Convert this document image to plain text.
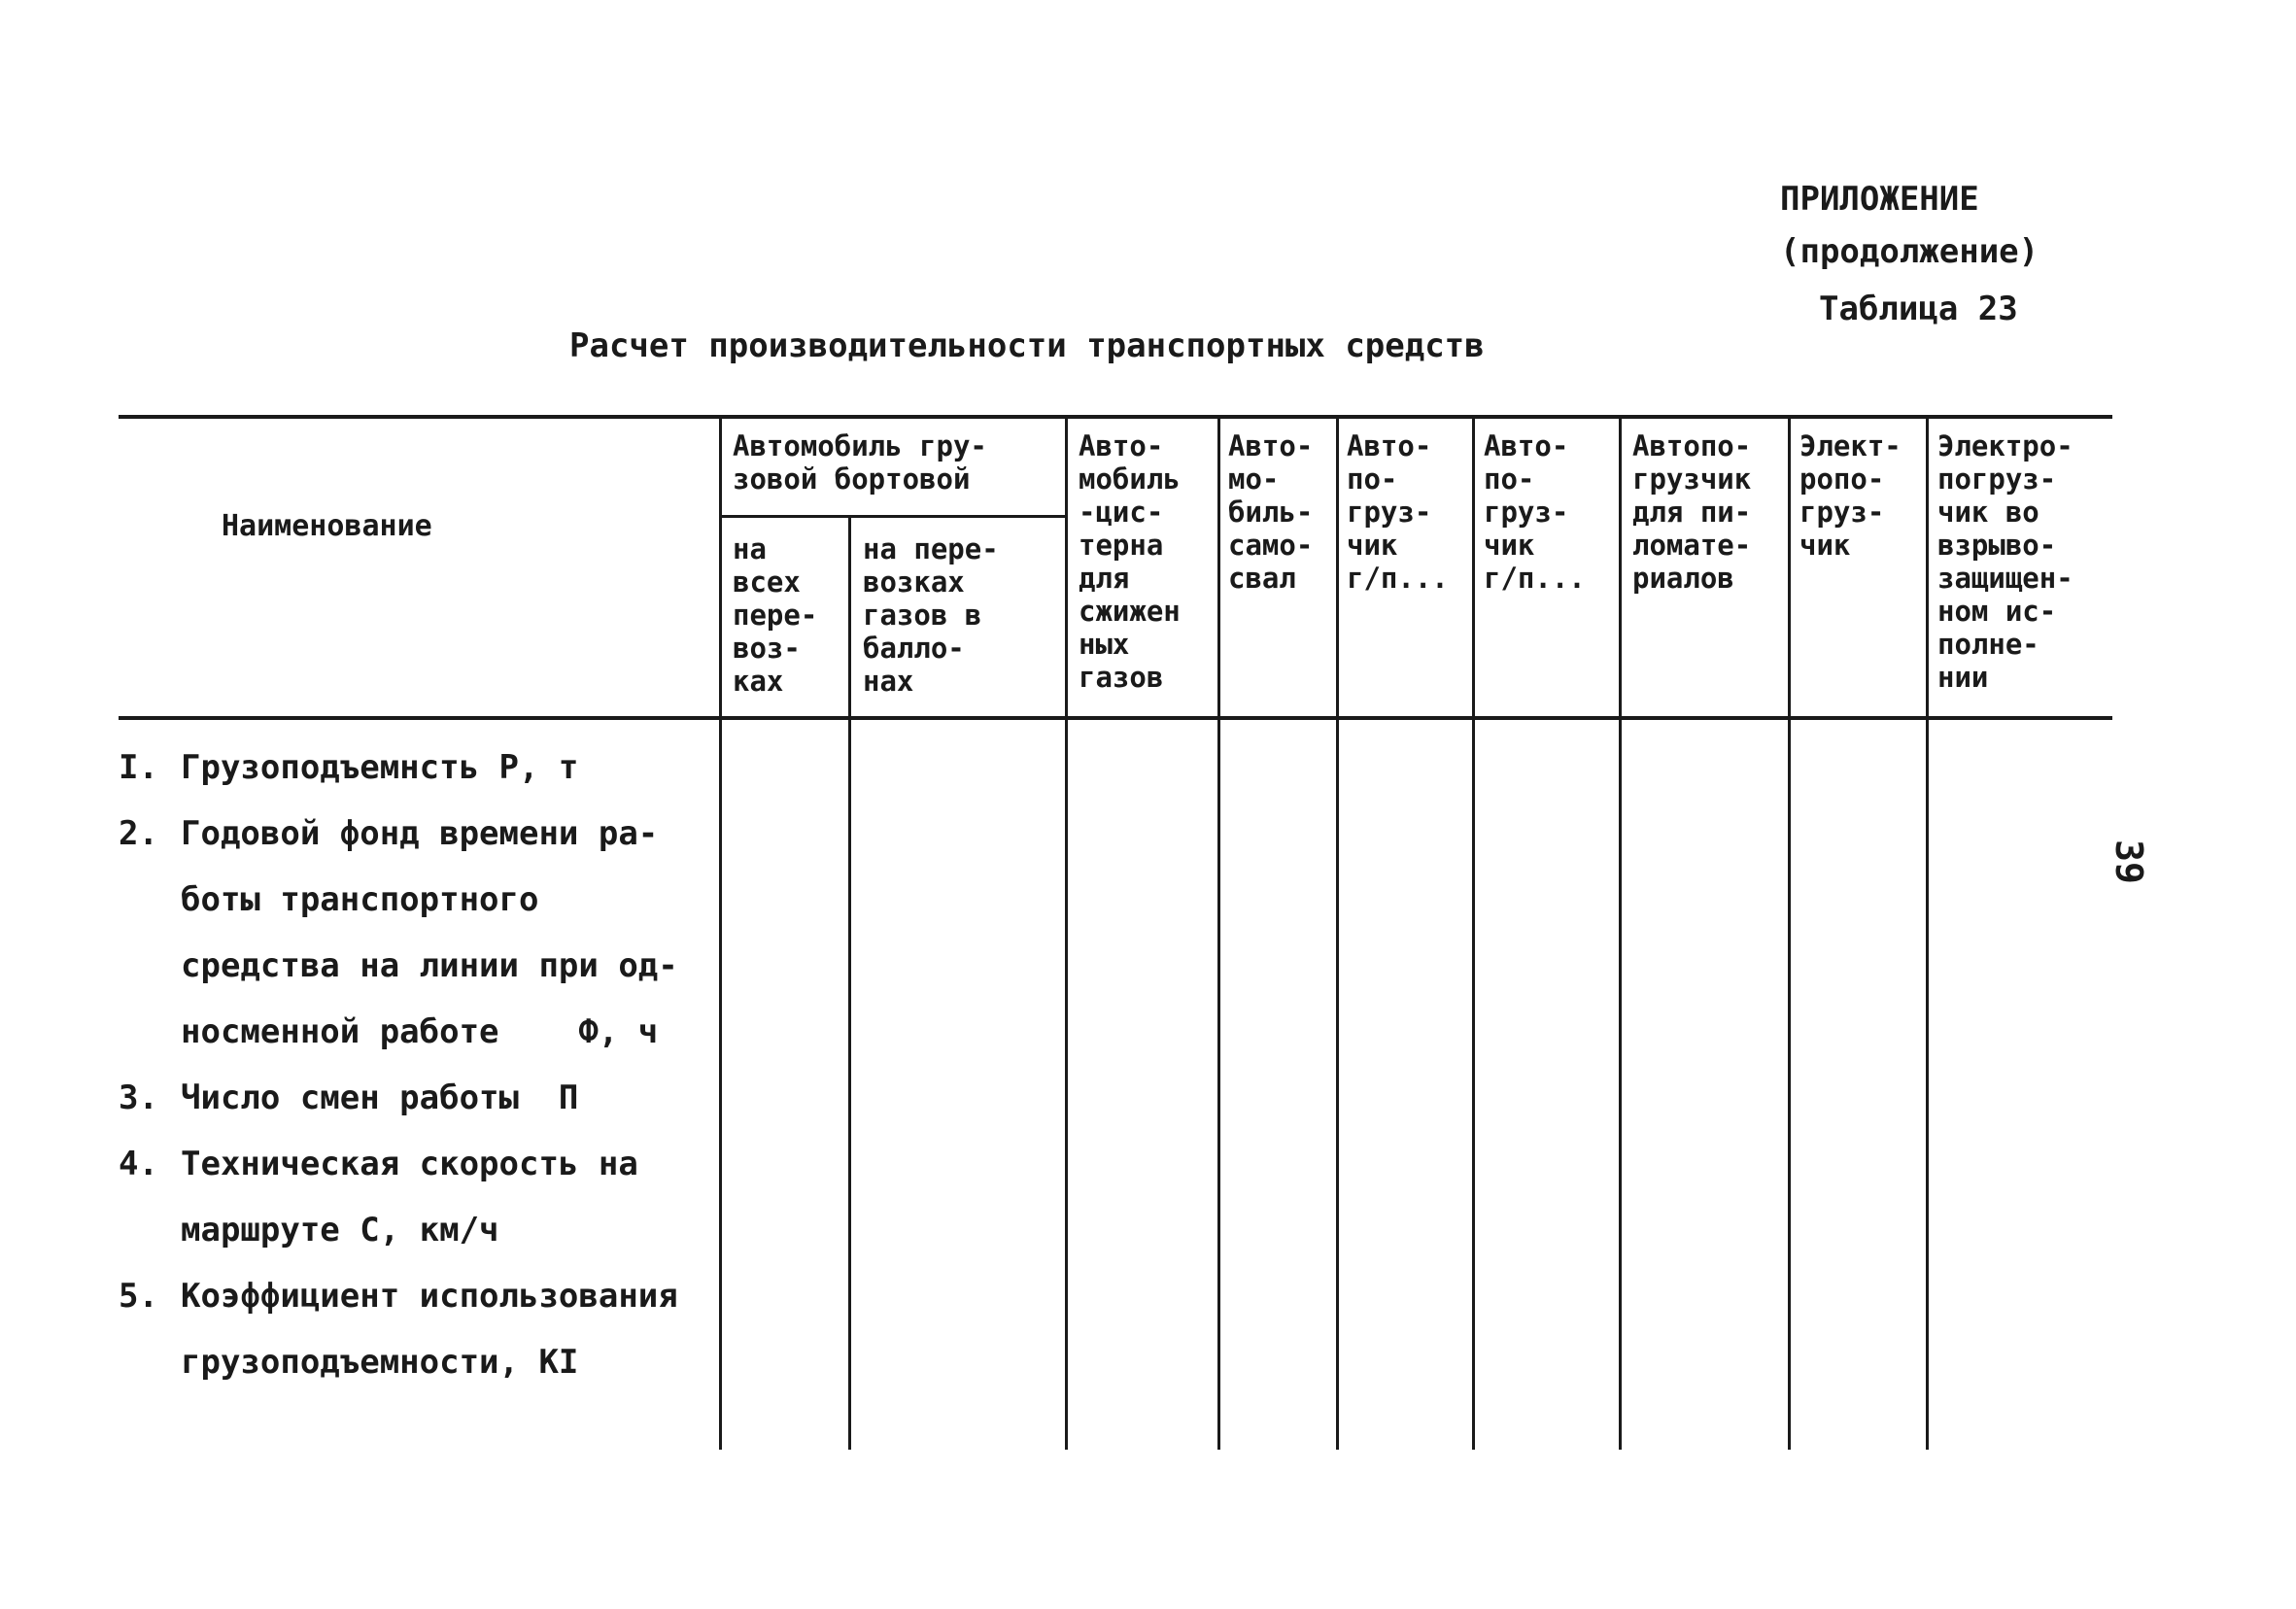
ПРИЛОЖЕНИЕ
(продолжение)
Таблица 23
Расчет производительности транспортных средств
39
Наименование
Автомобиль гру-
зовой бортовой
на
всех
пере-
воз-
ках
на пере-
возках
газов в
балло-
нах
Авто-
мобиль
-цис-
терна
для
сжижен
ных
газов
Авто-
мо-
биль-
само-
свал
Авто-
по-
груз-
чик
г/п...
Авто-
по-
груз-
чик
г/п...
Автопо-
грузчик
для пи-
ломате-
риалов
Элект-
ропо-
груз-
чик
Электро-
погруз-
чик во
взрыво-
защищен-
ном ис-
полне-
нии
I. Грузоподъемнсть Р, т
2. Годовой фонд времени ра-
боты транспортного
средства на линии при од-
носменной работе    Ф, ч
3. Число смен работы  П
4. Техническая скорость на
маршруте С, км/ч
5. Коэффициент использования
грузоподъемности, КІ
